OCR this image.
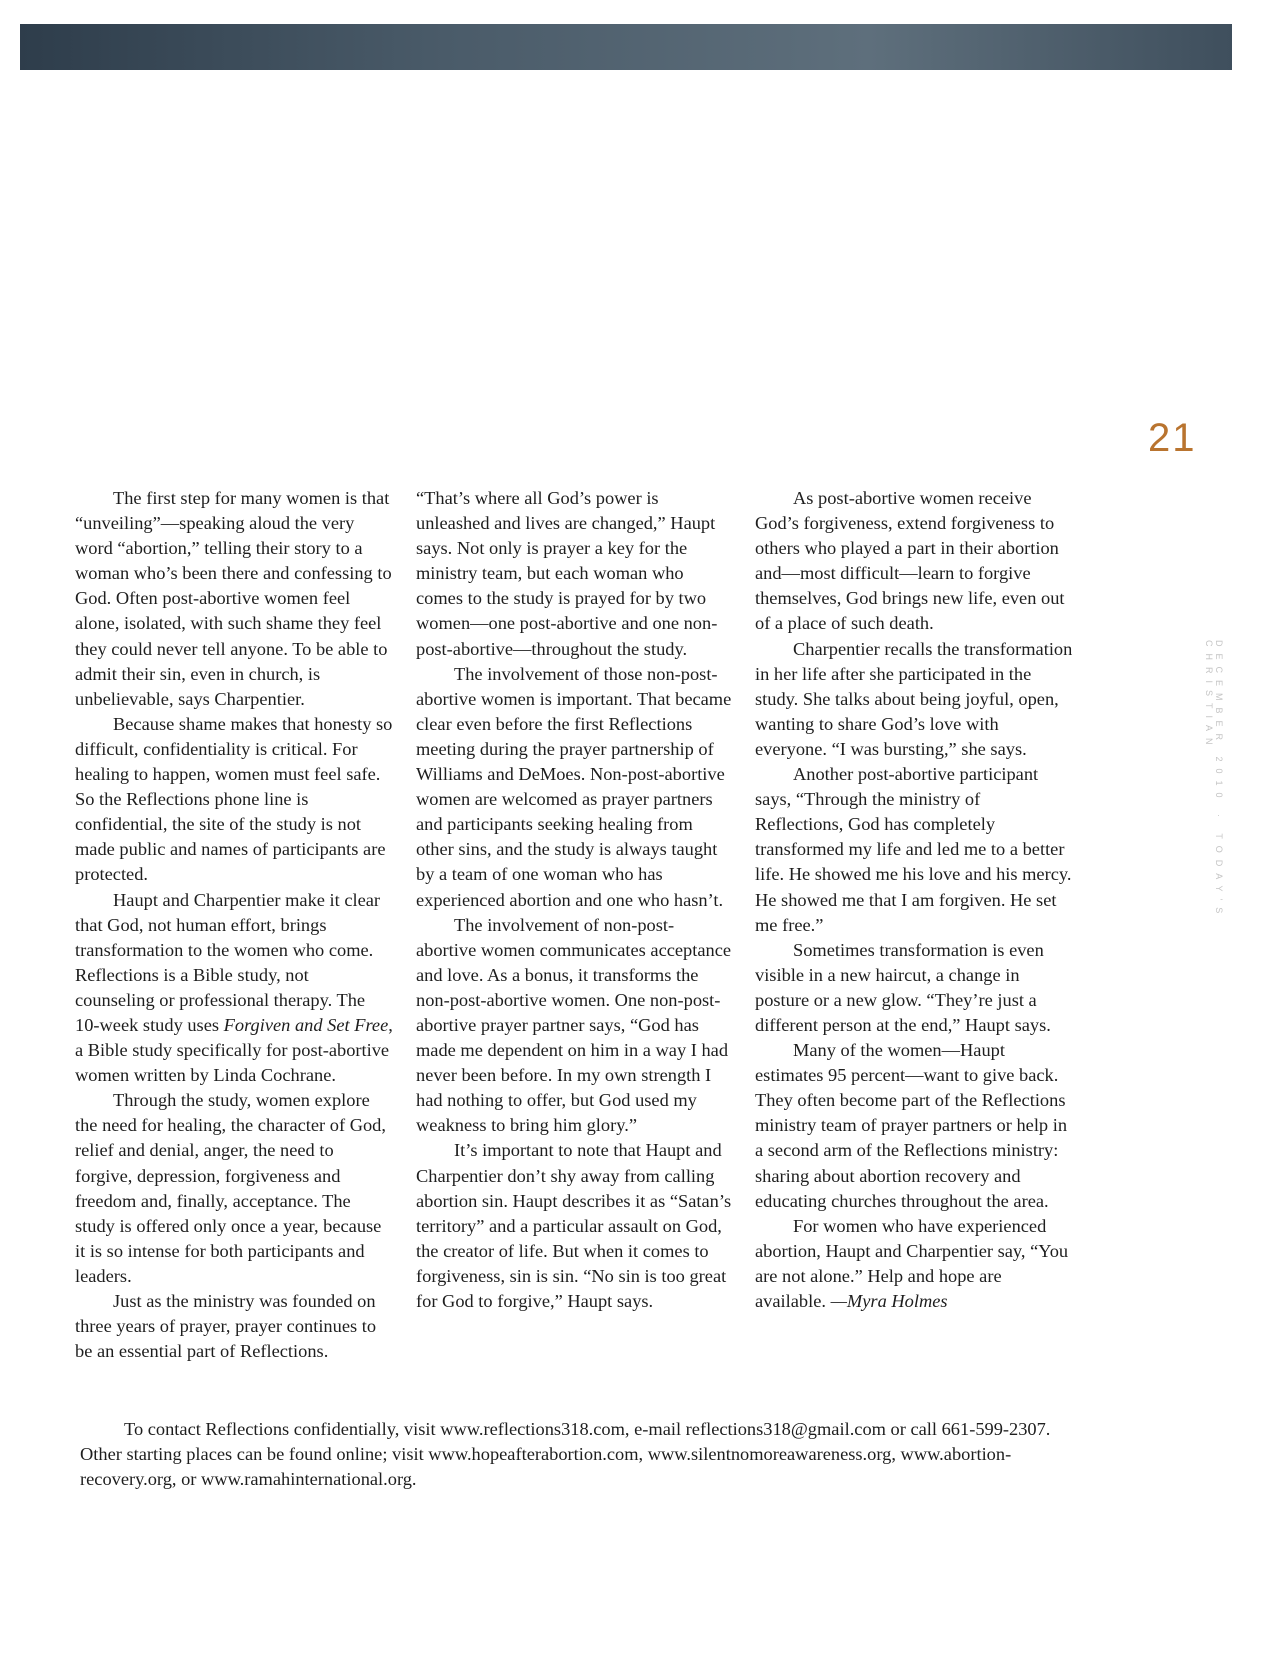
The first step for many women is that “unveiling”—speaking aloud the very word “abortion,” telling their story to a woman who’s been there and confessing to God. Often post-abortive women feel alone, isolated, with such shame they feel they could never tell anyone. To be able to admit their sin, even in church, is unbelievable, says Charpentier.

Because shame makes that honesty so difficult, confidentiality is critical. For healing to happen, women must feel safe. So the Reflections phone line is confidential, the site of the study is not made public and names of participants are protected.

Haupt and Charpentier make it clear that God, not human effort, brings transformation to the women who come. Reflections is a Bible study, not counseling or professional therapy. The 10-week study uses Forgiven and Set Free, a Bible study specifically for post-abortive women written by Linda Cochrane.

Through the study, women explore the need for healing, the character of God, relief and denial, anger, the need to forgive, depression, forgiveness and freedom and, finally, acceptance. The study is offered only once a year, because it is so intense for both participants and leaders.

Just as the ministry was founded on three years of prayer, prayer continues to be an essential part of Reflections.

“That’s where all God’s power is unleashed and lives are changed,” Haupt says. Not only is prayer a key for the ministry team, but each woman who comes to the study is prayed for by two women—one post-abortive and one non-post-abortive—throughout the study.

The involvement of those non-post-abortive women is important. That became clear even before the first Reflections meeting during the prayer partnership of Williams and DeMoes. Non-post-abortive women are welcomed as prayer partners and participants seeking healing from other sins, and the study is always taught by a team of one woman who has experienced abortion and one who hasn’t.

The involvement of non-post-abortive women communicates acceptance and love. As a bonus, it transforms the non-post-abortive women. One non-post-abortive prayer partner says, “God has made me dependent on him in a way I had never been before. In my own strength I had nothing to offer, but God used my weakness to bring him glory.”

It’s important to note that Haupt and Charpentier don’t shy away from calling abortion sin. Haupt describes it as “Satan’s territory” and a particular assault on God, the creator of life. But when it comes to forgiveness, sin is sin. “No sin is too great for God to forgive,” Haupt says.

As post-abortive women receive God’s forgiveness, extend forgiveness to others who played a part in their abortion and—most difficult—learn to forgive themselves, God brings new life, even out of a place of such death.

Charpentier recalls the transformation in her life after she participated in the study. She talks about being joyful, open, wanting to share God’s love with everyone. “I was bursting,” she says.

Another post-abortive participant says, “Through the ministry of Reflections, God has completely transformed my life and led me to a better life. He showed me his love and his mercy. He showed me that I am forgiven. He set me free.”

Sometimes transformation is even visible in a new haircut, a change in posture or a new glow. “They’re just a different person at the end,” Haupt says.

Many of the women—Haupt estimates 95 percent—want to give back. They often become part of the Reflections ministry team of prayer partners or help in a second arm of the Reflections ministry: sharing about abortion recovery and educating churches throughout the area.

For women who have experienced abortion, Haupt and Charpentier say, “You are not alone.” Help and hope are available. —Myra Holmes

21
DECEMBER 2010 · TODAY'S CHRISTIAN

To contact Reflections confidentially, visit www.reflections318.com, e-mail reflections318@gmail.com or call 661-599-2307. Other starting places can be found online; visit www.hopeafterabortion.com, www.silentnomoreawareness.org, www.abortion-recovery.org, or www.ramahinternational.org.
